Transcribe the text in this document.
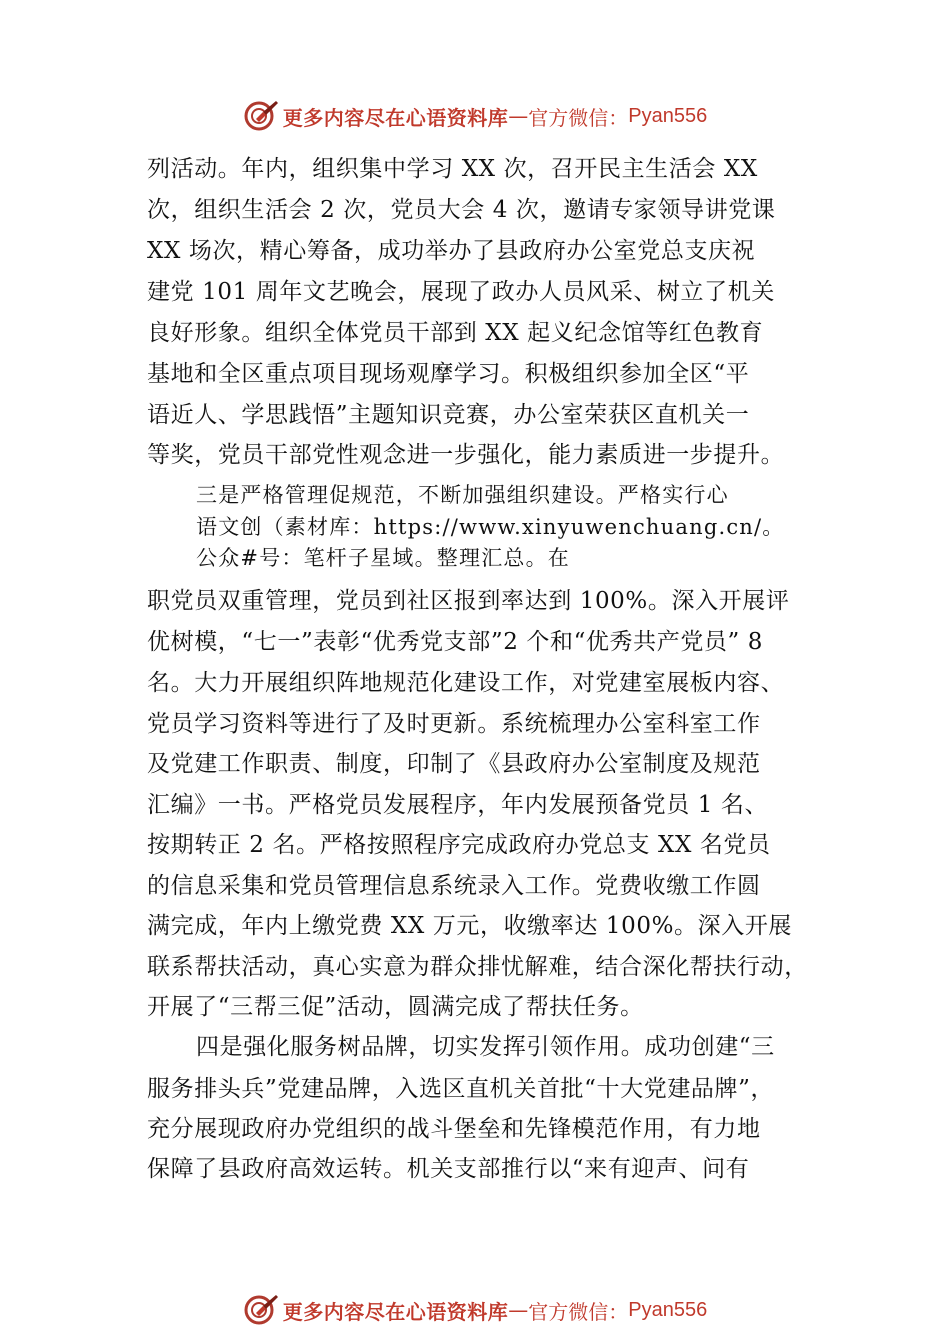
更多内容尽在心语资料库 — 官方微信： Pyan556
列活动。年内，组织集中学习 XX 次，召开民主生活会 XX
次，组织生活会 2 次，党员大会 4 次，邀请专家领导讲党课
XX 场次，精心筹备，成功举办了县政府办公室党总支庆祝
建党 101 周年文艺晚会，展现了政办人员风采、树立了机关
良好形象。组织全体党员干部到 XX 起义纪念馆等红色教育
基地和全区重点项目现场观摩学习。积极组织参加全区“平
语近人、学思践悟”主题知识竞赛，办公室荣获区直机关一
等奖，党员干部党性观念进一步强化，能力素质进一步提升。
三是严格管理促规范，不断加强组织建设。严格实行心
语文创（素材库：https://www.xinyuwenchuang.cn/。
公众#号：笔杆子星域。整理汇总。在
职党员双重管理，党员到社区报到率达到 100%。深入开展评
优树模，“七一”表彰“优秀党支部”2 个和“优秀共产党员” 8
名。大力开展组织阵地规范化建设工作，对党建室展板内容、
党员学习资料等进行了及时更新。系统梳理办公室科室工作
及党建工作职责、制度，印制了《县政府办公室制度及规范
汇编》一书。严格党员发展程序，年内发展预备党员 1 名、
按期转正 2 名。严格按照程序完成政府办党总支 XX 名党员
的信息采集和党员管理信息系统录入工作。党费收缴工作圆
满完成，年内上缴党费 XX 万元，收缴率达 100%。深入开展
联系帮扶活动，真心实意为群众排忧解难，结合深化帮扶行动，
开展了“三帮三促”活动，圆满完成了帮扶任务。
四是强化服务树品牌，切实发挥引领作用。成功创建“三
服务排头兵”党建品牌，入选区直机关首批“十大党建品牌”，
充分展现政府办党组织的战斗堡垒和先锋模范作用，有力地
保障了县政府高效运转。机关支部推行以“来有迎声、问有
更多内容尽在心语资料库 — 官方微信： Pyan556
